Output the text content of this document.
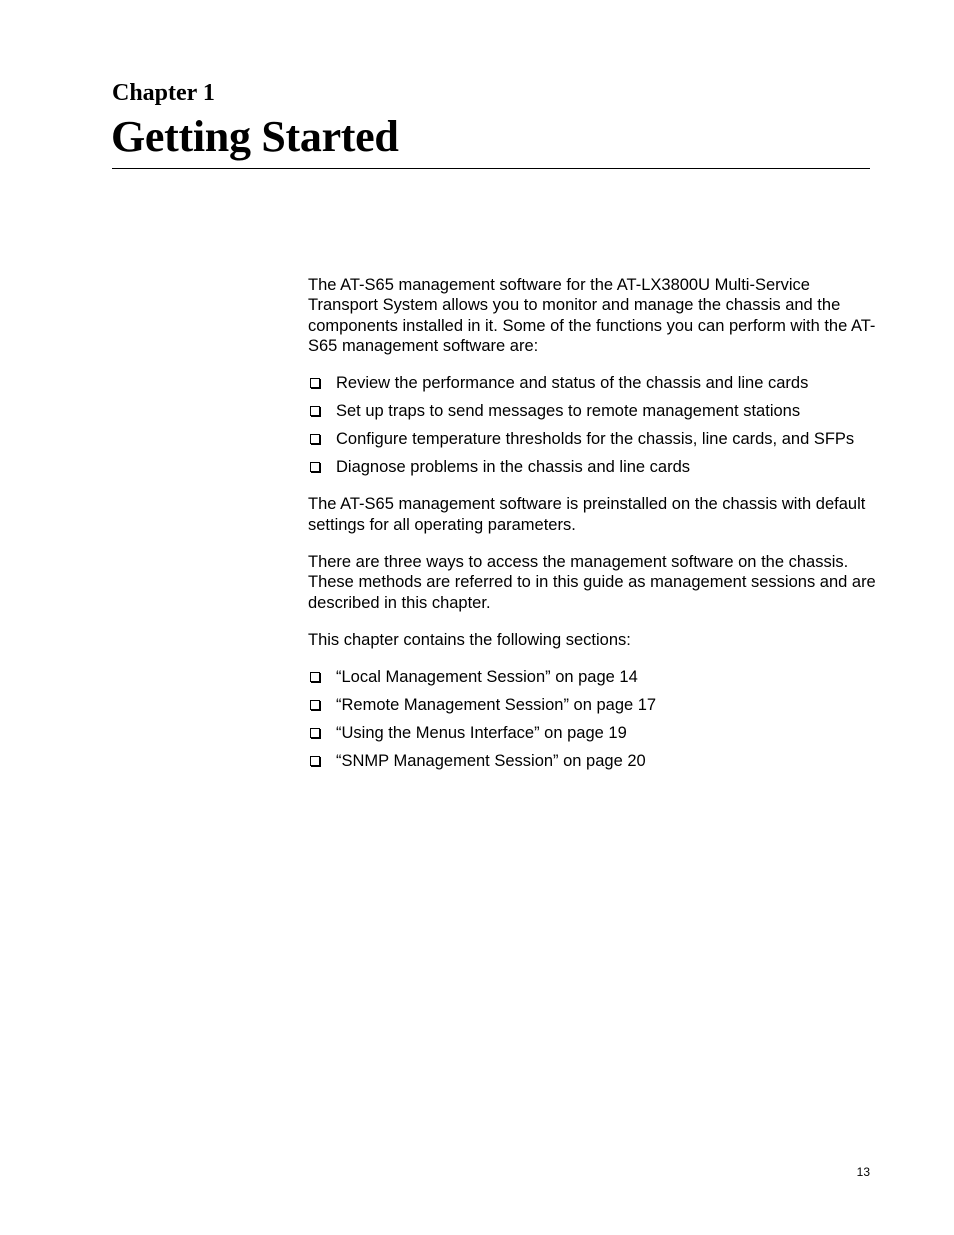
Chapter 1
Getting Started

The AT-S65 management software for the AT-LX3800U Multi-Service Transport System allows you to monitor and manage the chassis and the components installed in it. Some of the functions you can perform with the AT-S65 management software are:

Review the performance and status of the chassis and line cards
Set up traps to send messages to remote management stations
Configure temperature thresholds for the chassis, line cards, and SFPs
Diagnose problems in the chassis and line cards

The AT-S65 management software is preinstalled on the chassis with default settings for all operating parameters.

There are three ways to access the management software on the chassis. These methods are referred to in this guide as management sessions and are described in this chapter.

This chapter contains the following sections:

“Local Management Session” on page 14
“Remote Management Session” on page 17
“Using the Menus Interface” on page 19
“SNMP Management Session” on page 20
13
